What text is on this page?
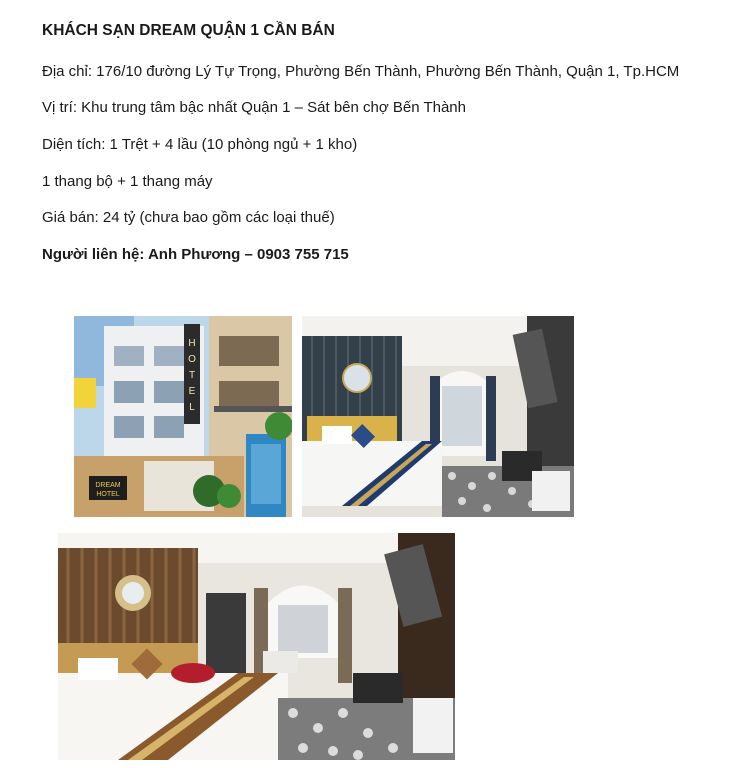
KHÁCH SẠN DREAM QUẬN 1 CẦN BÁN
Địa chỉ: 176/10 đường Lý Tự Trọng, Phường Bến Thành, Phường Bến Thành, Quận 1, Tp.HCM
Vị trí: Khu trung tâm bậc nhất Quận 1 – Sát bên chợ Bến Thành
Diện tích: 1 Trệt + 4 lầu (10 phòng ngủ + 1 kho)
1 thang bộ + 1 thang máy
Giá bán: 24 tỷ (chưa bao gồm các loại thuế)
Người liên hệ: Anh Phương – 0903 755 715
H
O
T
E
L
DREAM
HOTEL
